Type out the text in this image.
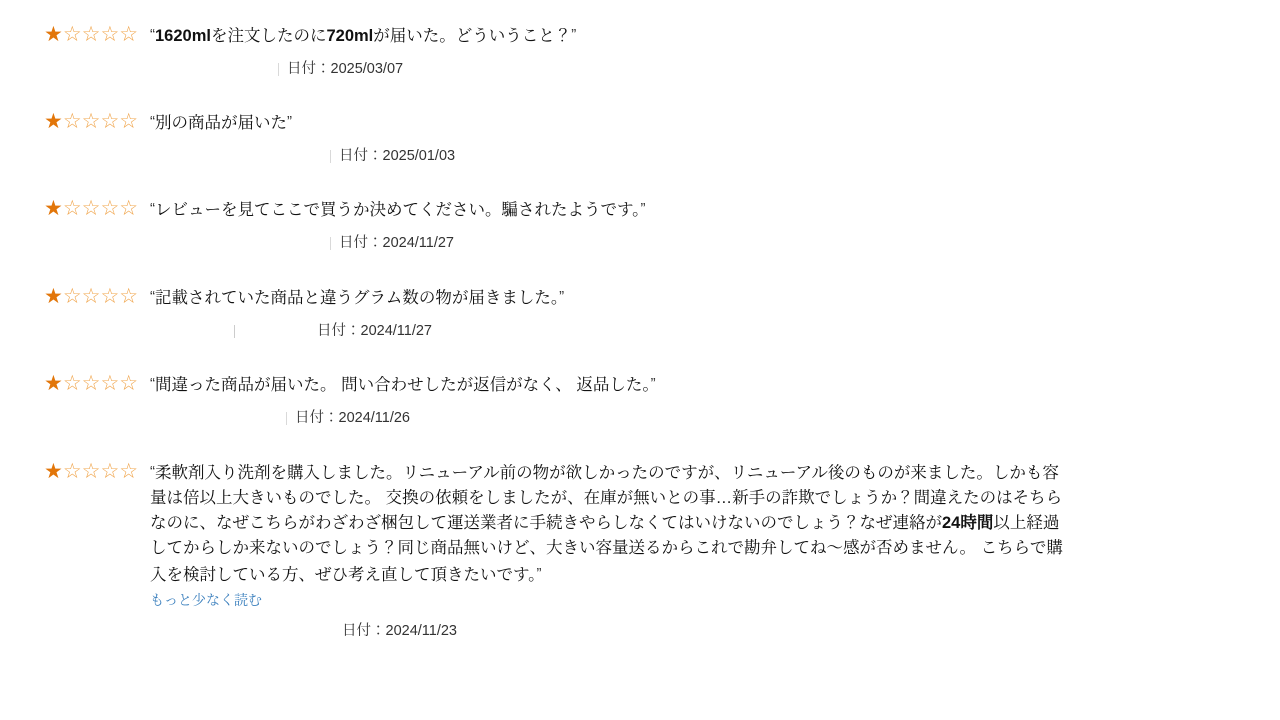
★☆☆☆☆ “1620mlを注文したのに720mlが届いた。どういうこと？”
日付：2025/03/07
★☆☆☆☆ “別の商品が届いた”
日付：2025/01/03
★☆☆☆☆ “レビューを見てここで買うか決めてください。騙されたようです。”
日付：2024/11/27
★☆☆☆☆ “記載されていた商品と違うグラム数の物が届きました。”
日付：2024/11/27
★☆☆☆☆ “間違った商品が届いた。 問い合わせしたが返信がなく、 返品した。”
日付：2024/11/26
★☆☆☆☆ “柔軟剤入り洗剤を購入しました。リニューアル前の物が欲しかったのですが、リニューアル後のものが来ました。しかも容量は倍以上大きいものでした。 交換の依頼をしましたが、在庫が無いとの事…新手の詐欺でしょうか？間違えたのはそちらなのに、なぜこちらがわざわざ梱包して運送業者に手続きやらしなくてはいけないのでしょう？なぜ連絡が24時間以上経過してからしか来ないのでしょう？同じ商品無いけど、大きい容量送るからこれで勘弁してね〜感が否めません。 こちらで購入を検討している方、ぜひ考え直して頂きたいです。”
もっと少なく読む
日付：2024/11/23
